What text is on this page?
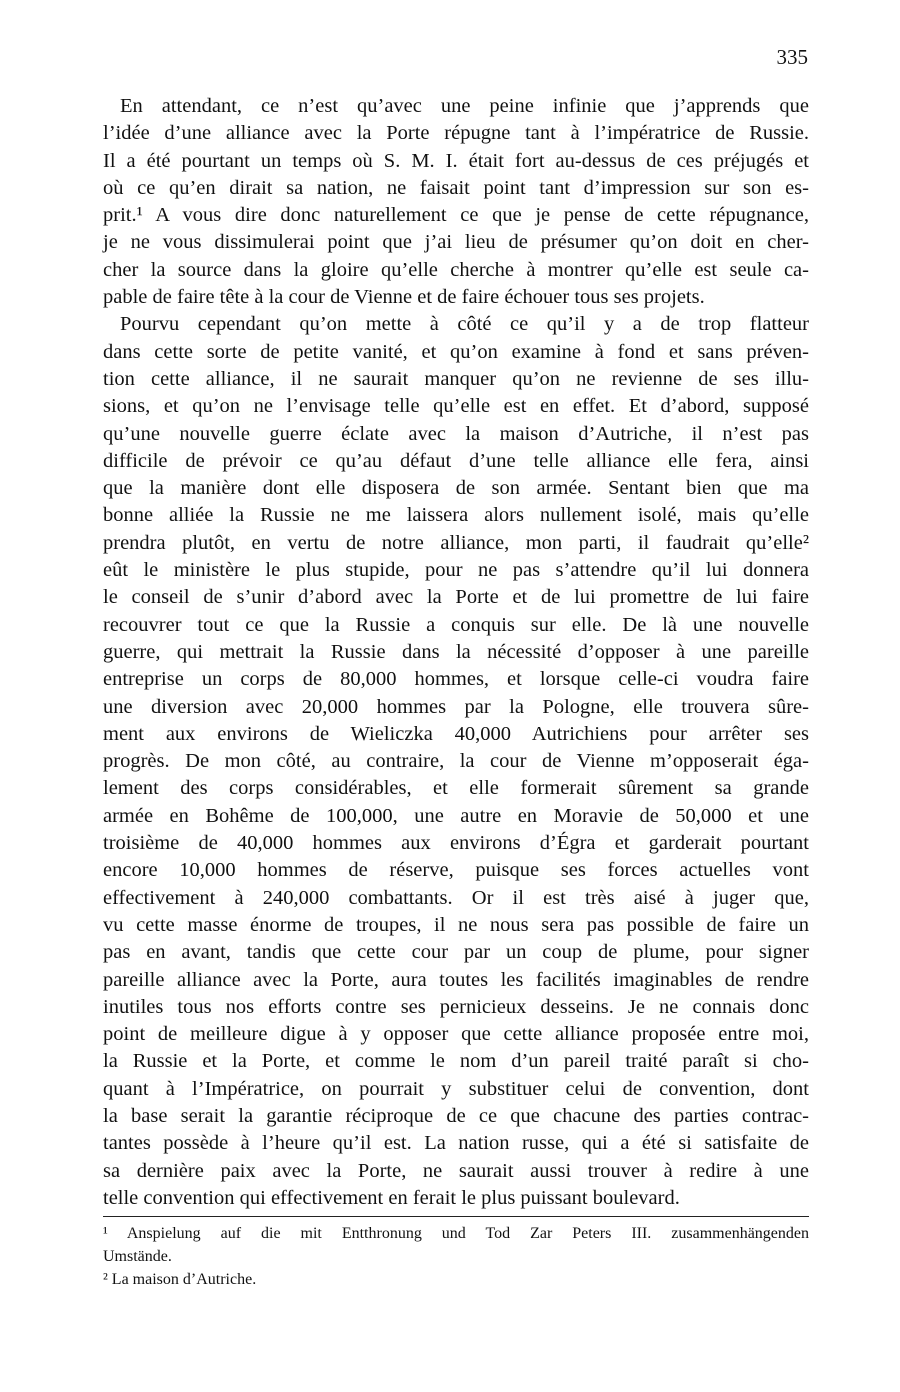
335
En attendant, ce n’est qu’avec une peine infinie que j’apprends que
l’idée d’une alliance avec la Porte répugne tant à l’impératrice de Russie.
Il a été pourtant un temps où S. M. I. était fort au-dessus de ces préjugés et
où ce qu’en dirait sa nation, ne faisait point tant d’impression sur son es-
prit.¹ A vous dire donc naturellement ce que je pense de cette répugnance,
je ne vous dissimulerai point que j’ai lieu de présumer qu’on doit en cher-
cher la source dans la gloire qu’elle cherche à montrer qu’elle est seule ca-
pable de faire tête à la cour de Vienne et de faire échouer tous ses projets.
Pourvu cependant qu’on mette à côté ce qu’il y a de trop flatteur
dans cette sorte de petite vanité, et qu’on examine à fond et sans préven-
tion cette alliance, il ne saurait manquer qu’on ne revienne de ses illu-
sions, et qu’on ne l’envisage telle qu’elle est en effet. Et d’abord, supposé
qu’une nouvelle guerre éclate avec la maison d’Autriche, il n’est pas
difficile de prévoir ce qu’au défaut d’une telle alliance elle fera, ainsi
que la manière dont elle disposera de son armée. Sentant bien que ma
bonne alliée la Russie ne me laissera alors nullement isolé, mais qu’elle
prendra plutôt, en vertu de notre alliance, mon parti, il faudrait qu’elle²
eût le ministère le plus stupide, pour ne pas s’attendre qu’il lui donnera
le conseil de s’unir d’abord avec la Porte et de lui promettre de lui faire
recouvrer tout ce que la Russie a conquis sur elle. De là une nouvelle
guerre, qui mettrait la Russie dans la nécessité d’opposer à une pareille
entreprise un corps de 80,000 hommes, et lorsque celle-ci voudra faire
une diversion avec 20,000 hommes par la Pologne, elle trouvera sûre-
ment aux environs de Wieliczka 40,000 Autrichiens pour arrêter ses
progrès. De mon côté, au contraire, la cour de Vienne m’opposerait éga-
lement des corps considérables, et elle formerait sûrement sa grande
armée en Bohême de 100,000, une autre en Moravie de 50,000 et une
troisième de 40,000 hommes aux environs d’Égra et garderait pourtant
encore 10,000 hommes de réserve, puisque ses forces actuelles vont
effectivement à 240,000 combattants. Or il est très aisé à juger que,
vu cette masse énorme de troupes, il ne nous sera pas possible de faire un
pas en avant, tandis que cette cour par un coup de plume, pour signer
pareille alliance avec la Porte, aura toutes les facilités imaginables de rendre
inutiles tous nos efforts contre ses pernicieux desseins. Je ne connais donc
point de meilleure digue à y opposer que cette alliance proposée entre moi,
la Russie et la Porte, et comme le nom d’un pareil traité paraît si cho-
quant à l’Impératrice, on pourrait y substituer celui de convention, dont
la base serait la garantie réciproque de ce que chacune des parties contrac-
tantes possède à l’heure qu’il est. La nation russe, qui a été si satisfaite de
sa dernière paix avec la Porte, ne saurait aussi trouver à redire à une
telle convention qui effectivement en ferait le plus puissant boulevard.
¹ Anspielung auf die mit Entthronung und Tod Zar Peters III. zusammenhängenden
Umstände.
² La maison d’Autriche.
